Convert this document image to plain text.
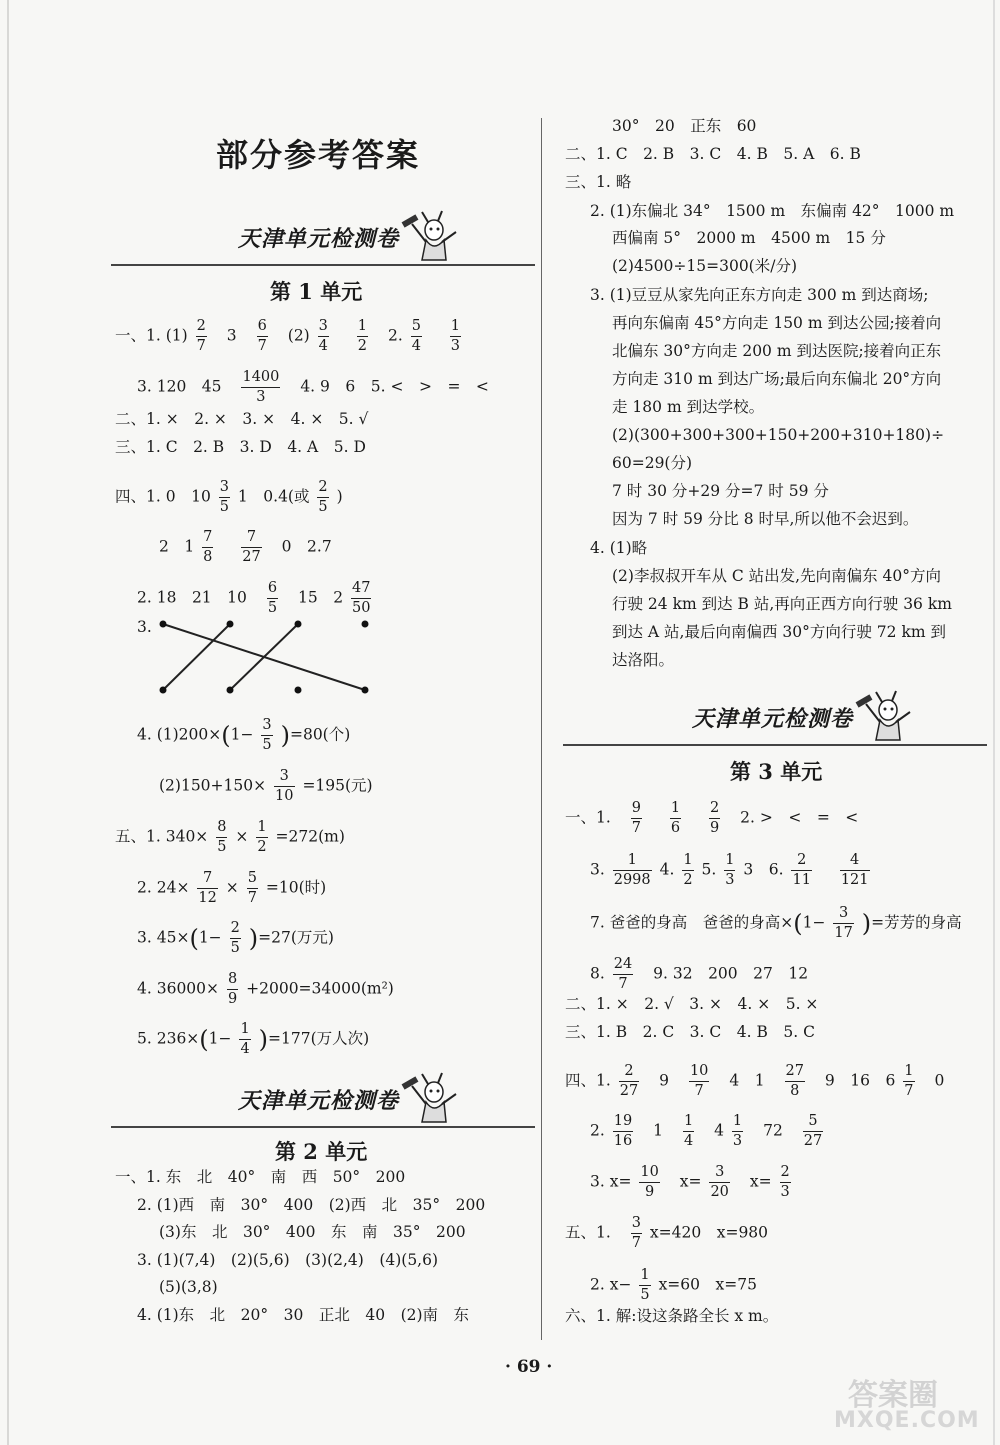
部分参考答案
天津单元检测卷
第 1 单元
一、1. $(1) \frac{2}{7} 3 \frac{6}{7} (2) \frac{3}{4}$
$\frac{1}{2} 2$. $\frac{5}{4}$
$\frac{1}{3}$
3. 120　$45 \frac{1400}{3} 4$. 9　6　5. <　>　=　<
二、1. ×　2. ×　3. ×　4. ×　5. √
三、1. C　2. B　3. D　4. A　5. D
四、1. 0　$10 \frac{3}{5} 1$　0.4(或 $\frac{2}{5}$ )
2　$1 \frac{7}{8}$
$\frac{7}{27} 0$　2.7
2. 18　21　$10 \frac{6}{5} 15$　$2 \frac{47}{50}$
3.
4. $(1)200\times(1- \frac{3}{5} )=80$(个)
$(2)150+150\times \frac{3}{10} =195$(元)
五、1. $340\times \frac{8}{5} \times \frac{1}{2} =272(m)$
2. $24\times \frac{7}{12} \times \frac{5}{7} =10$(时)
3. $45\times(1- \frac{2}{5} )=27$(万元)
4. $36000\times \frac{8}{9} +2000=34000(m^2)$
5. $236\times(1- \frac{1}{4} )=177$(万人次)
天津单元检测卷
第 2 单元
一、1. 东　北　40°　南　西　50°　200
2. (1)西　南　30°　400　(2)西　北　35°　200
(3)东　北　30°　400　东　南　35°　200
3. (1)(7,4)　(2)(5,6)　(3)(2,4)　(4)(5,6)
(5)(3,8)
4. (1)东　北　20°　30　正北　40　(2)南　东
30°　20　正东　60
二、1. C　2. B　3. C　4. B　5. A　6. B
三、1. 略
2. (1)东偏北 34°　1500 m　东偏南 42°　1000 m
西偏南 5°　2000 m　4500 m　15 分
(2)4500÷15=300(米/分)
3. (1)豆豆从家先向正东方向走 300 m 到达商场;
再向东偏南 45°方向走 150 m 到达公园;接着向
北偏东 30°方向走 200 m 到达医院;接着向正东
方向走 310 m 到达广场;最后向东偏北 20°方向
走 180 m 到达学校。
(2)(300+300+300+150+200+310+180)÷
60=29(分)
7 时 30 分+29 分=7 时 59 分
因为 7 时 59 分比 8 时早,所以他不会迟到。
4. (1)略
(2)李叔叔开车从 C 站出发,先向南偏东 40°方向
行驶 24 km 到达 B 站,再向正西方向行驶 36 km
到达 A 站,最后向南偏西 30°方向行驶 72 km 到
达洛阳。
天津单元检测卷
第 3 单元
一、1. $\frac{9}{7}$
$\frac{1}{6}$
$\frac{2}{9} 2$. >　<　=　<
3. $\frac{1}{2998} 4$. $\frac{1}{2} 5$. $\frac{1}{3} 3$　6. $\frac{2}{11}$
$\frac{4}{121}$
7. 爸爸的身高　爸爸的身高$\times(1- \frac{3}{17}$ )=芳芳的身高
8. $\frac{24}{7} 9$. 32　200　27　12
二、1. ×　2. √　3. ×　4. ×　5. ×
三、1. B　2. C　3. C　4. B　5. C
四、1. $\frac{2}{27} 9 \frac{10}{7} 4$　$1 \frac{27}{8} 9$　16　$6 \frac{1}{7} 0$
2. $\frac{19}{16} 1 \frac{1}{4} 4 \frac{1}{3} 72 \frac{5}{27}$
3. $x= \frac{10}{9} x= \frac{3}{20} x= \frac{2}{3}$
五、1. $\frac{3}{7} x=420$　x=980
2. $x- \frac{1}{5} x=60$　x=75
六、1. 解:设这条路全长 x m。
· 69 ·
答案圈
MXQE.COM
